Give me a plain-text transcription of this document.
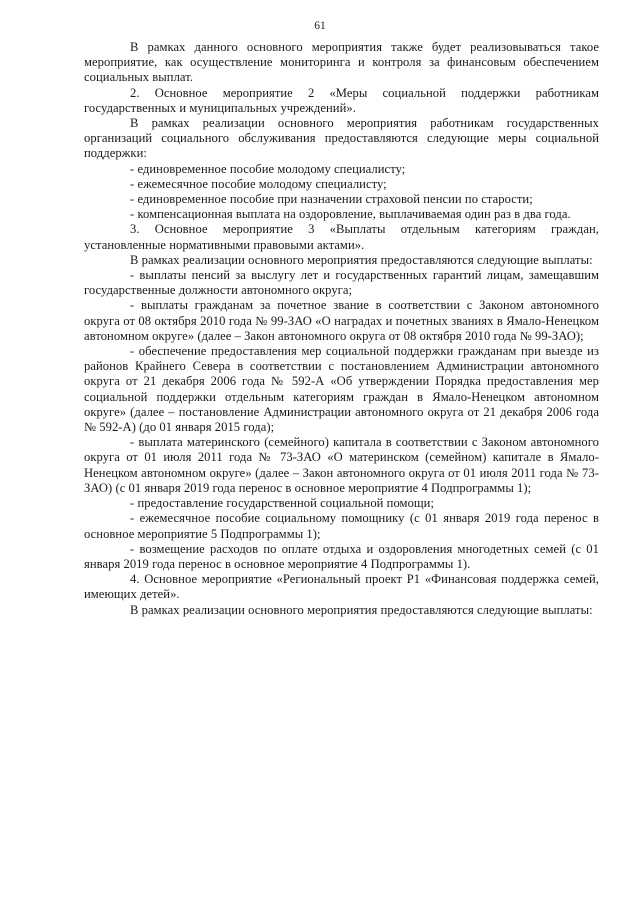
61

В рамках данного основного мероприятия также будет реализовываться такое мероприятие, как осуществление мониторинга и контроля за финансовым обеспечением социальных выплат.

2. Основное мероприятие 2 «Меры социальной поддержки работникам государственных и муниципальных учреждений».

В рамках реализации основного мероприятия работникам государственных организаций социального обслуживания предоставляются следующие меры социальной поддержки:

- единовременное пособие молодому специалисту;

- ежемесячное пособие молодому специалисту;

- единовременное пособие при назначении страховой пенсии по старости;

- компенсационная выплата на оздоровление, выплачиваемая один раз в два года.

3. Основное мероприятие 3 «Выплаты отдельным категориям граждан, установленные нормативными правовыми актами».

В рамках реализации основного мероприятия предоставляются следующие выплаты:

- выплаты пенсий за выслугу лет и государственных гарантий лицам, замещавшим государственные должности автономного округа;

- выплаты гражданам за почетное звание в соответствии с Законом автономного округа от 08 октября 2010 года № 99-ЗАО «О наградах и почетных званиях в Ямало-Ненецком автономном округе» (далее – Закон автономного округа от 08 октября 2010 года № 99-ЗАО);

- обеспечение предоставления мер социальной поддержки гражданам при выезде из районов Крайнего Севера в соответствии с постановлением Администрации автономного округа от 21 декабря 2006 года № 592-А «Об утверждении Порядка предоставления мер социальной поддержки отдельным категориям граждан в Ямало-Ненецком автономном округе» (далее – постановление Администрации автономного округа от 21 декабря 2006 года № 592-А) (до 01 января 2015 года);

- выплата материнского (семейного) капитала в соответствии с Законом автономного округа от 01 июля 2011 года № 73-ЗАО «О материнском (семейном) капитале в Ямало-Ненецком автономном округе» (далее – Закон автономного округа от 01 июля 2011 года № 73-ЗАО) (с 01 января 2019 года перенос в основное мероприятие 4 Подпрограммы 1);

- предоставление государственной социальной помощи;

- ежемесячное пособие социальному помощнику (с 01 января 2019 года перенос в основное мероприятие 5 Подпрограммы 1);

- возмещение расходов по оплате отдыха и оздоровления многодетных семей (с 01 января 2019 года перенос в основное мероприятие 4 Подпрограммы 1).

4. Основное мероприятие «Региональный проект Р1 «Финансовая поддержка семей, имеющих детей».

В рамках реализации основного мероприятия предоставляются следующие выплаты:
